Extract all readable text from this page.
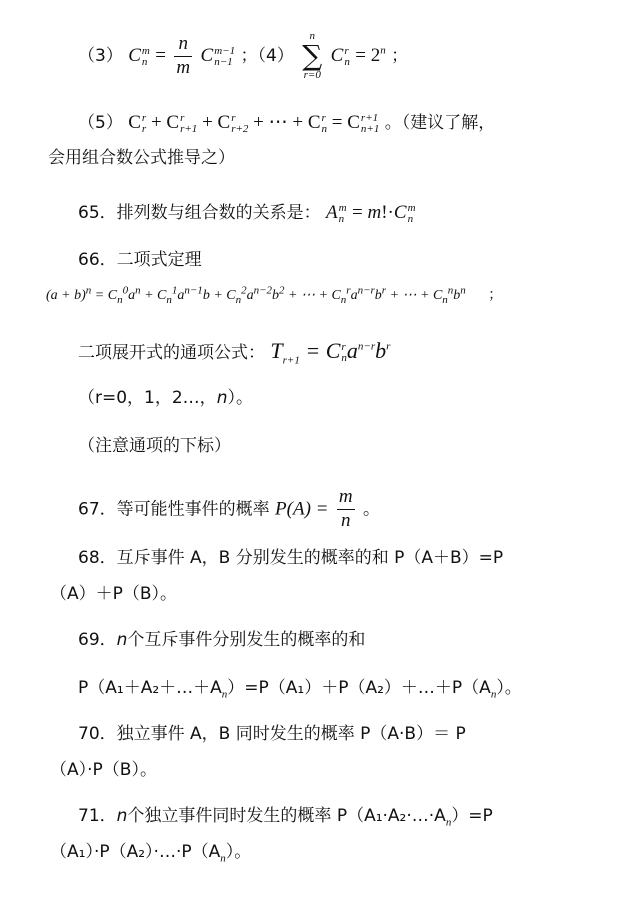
（3） C m
$n = \frac{n}{m}$ C m−1
n−1 ；（4）
n
∑
r=0
C r
$n = 2^n$ ；
（5） C r
r + C r
r+1 + C r
r+2 + ⋯ + C r
n = C r+1
n+1 。（建议了解，
会用组合数公式推导之）
65．排列数与组合数的关系是： A m
n = m!·C m
n
66．二项式定理
$(a + b)^n = C_n^0a^n + C_n^1a^{n-1}b + C_n^2a^{n-2}b^2$ + ⋯ + $C_n^ra^{n-r}b^r$ + ⋯ + $C_n^nb^n$ ；
二项展开式的通项公式： $T_{r+1} = C$ r
n $a^{n-r}b^r$
（r=0，1，2…，n）。
（注意通项的下标）
67．等可能性事件的概率 $P(A) = \frac{m}{n}$ 。
68．互斥事件 A，B 分别发生的概率的和 P（A＋B）=P
（A）＋P（B）。
69．n个互斥事件分别发生的概率的和
$P(A_1+A_2+\dots+A_n)=P(A_1)+P(A_2)+\dots+P(A_n)$。
70．独立事件 A，B 同时发生的概率 P（A·B）＝ P
（A）·P（B）。
71．n个独立事件同时发生的概率 $P(A_1\cdot A_2\cdot\dots\cdot A_n)=P$
$(A_1)\cdot P(A_2)\cdot\dots\cdot P(A_n)$。
